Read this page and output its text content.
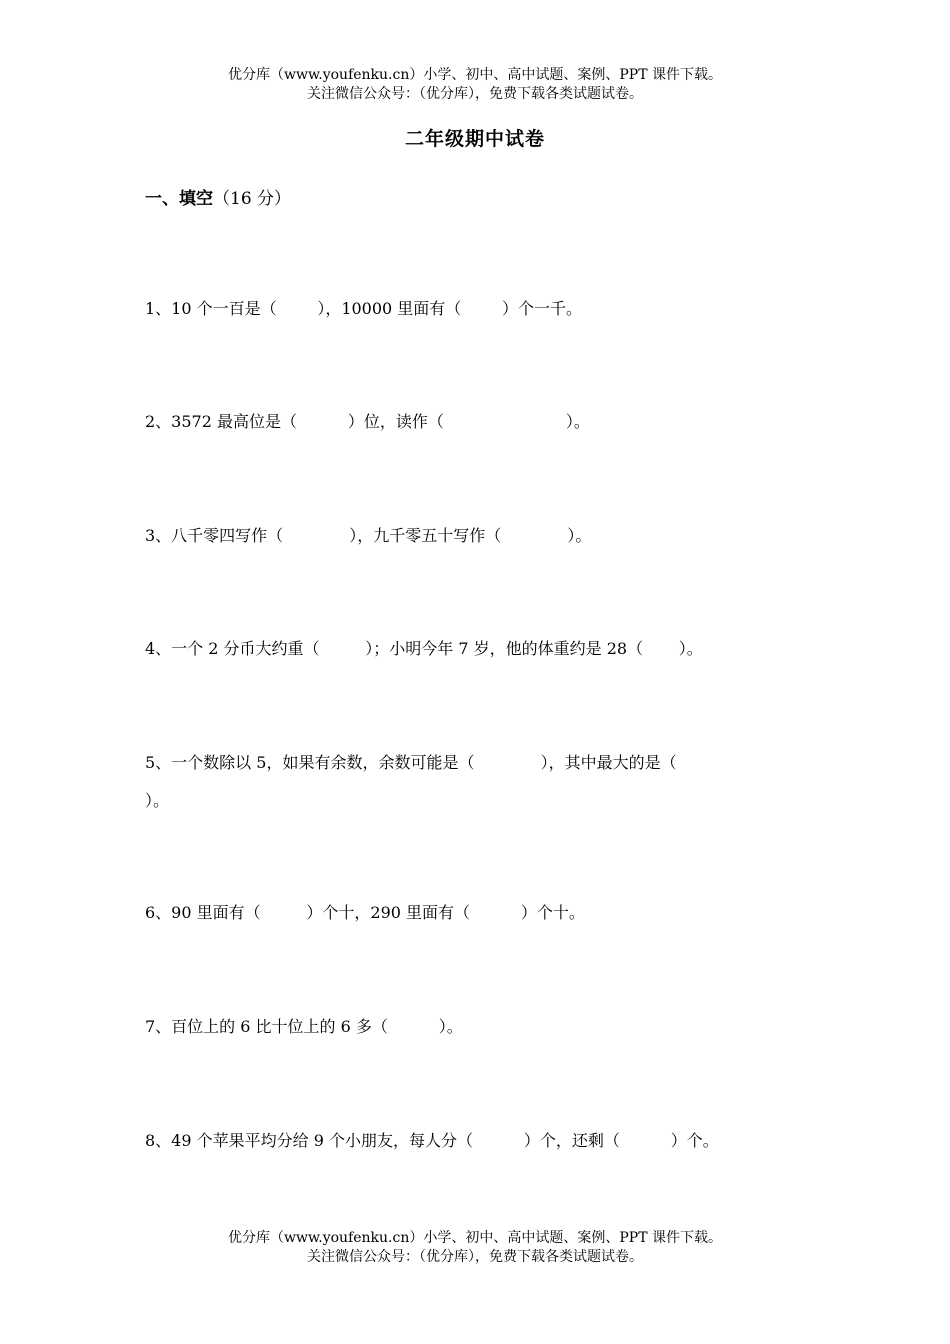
优分库（www.youfenku.cn）小学、初中、高中试题、案例、PPT 课件下载。
关注微信公众号：（优分库），免费下载各类试题试卷。
二年级期中试卷
一、填空（16 分）
1、10 个一百是（        ），10000 里面有（        ）个一千。
2、3572 最高位是（          ）位，读作（                        ）。
3、八千零四写作（             ），九千零五十写作（             ）。
4、一个 2 分币大约重（         ）；小明今年 7 岁，他的体重约是 28（       ）。
5、一个数除以 5，如果有余数，余数可能是（             ），其中最大的是（
）。
6、90 里面有（         ）个十，290 里面有（          ）个十。
7、百位上的 6 比十位上的 6 多（          ）。
8、49 个苹果平均分给 9 个小朋友，每人分（          ）个，还剩（          ）个。
优分库（www.youfenku.cn）小学、初中、高中试题、案例、PPT 课件下载。
关注微信公众号：（优分库），免费下载各类试题试卷。
